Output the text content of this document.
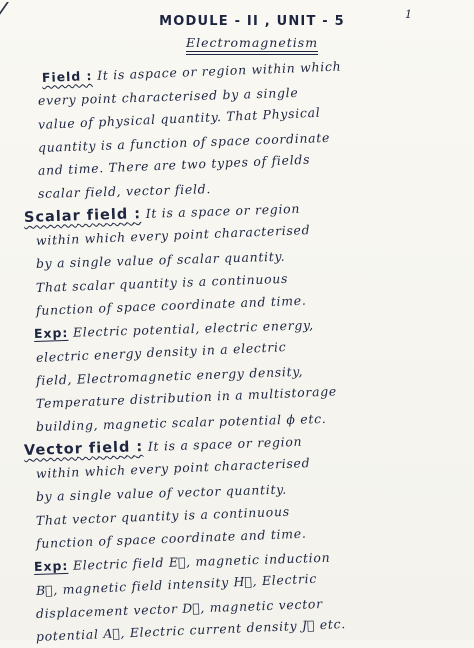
1
MODULE - II , UNIT - 5
Electromagnetism
Field : It is aspace or region within which
every point characterised by a single
value of physical quantity. That Physical
quantity is a function of space coordinate
and time. There are two types of fields
scalar field, vector field.
Scalar field : It is a space or region
within which every point characterised
by a single value of scalar quantity.
That scalar quantity is a continuous
function of space coordinate and time.
Exp: Electric potential, electric energy,
electric energy density in a electric
field, Electromagnetic energy density,
Temperature distribution in a multistorage
building, magnetic scalar potential ϕ etc.
Vector field : It is a space or region
within which every point characterised
by a single value of vector quantity.
That vector quantity is a continuous
function of space coordinate and time.
Exp: Electric field E⃗, magnetic induction
B⃗, magnetic field intensity H⃗, Electric
displacement vector D⃗, magnetic vector
potential A⃗, Electric current density J⃗ etc.
